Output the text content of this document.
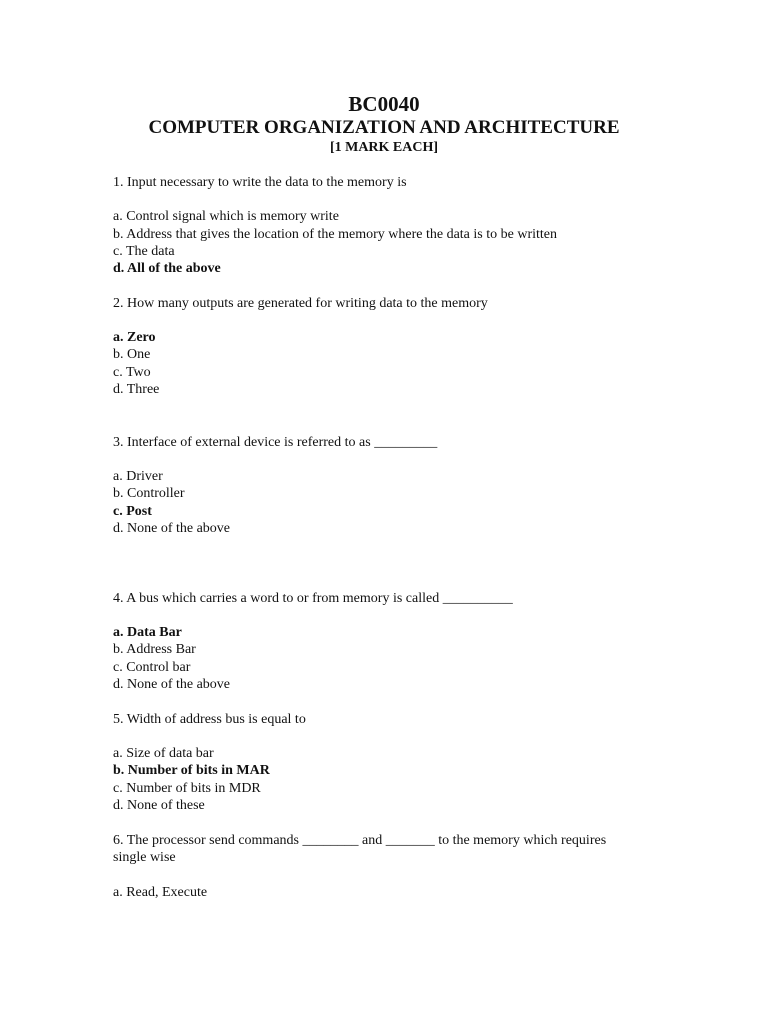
BC0040
COMPUTER ORGANIZATION AND ARCHITECTURE
[1 MARK EACH]
1. Input necessary to write the data to the memory is
a. Control signal which is memory write
b. Address that gives the location of the memory where the data is to be written
c. The data
d. All of the above
2. How many outputs are generated for writing data to the memory
a. Zero
b. One
c. Two
d. Three
3. Interface of external device is referred to as _________
a. Driver
b. Controller
c. Post
d. None of the above
4. A bus which carries a word to or from memory is called __________
a. Data Bar
b. Address Bar
c. Control bar
d. None of the above
5. Width of address bus is equal to
a. Size of data bar
b. Number of bits in MAR
c. Number of bits in MDR
d. None of these
6. The processor send commands ________ and _______ to the memory which requires
single wise
a. Read, Execute
